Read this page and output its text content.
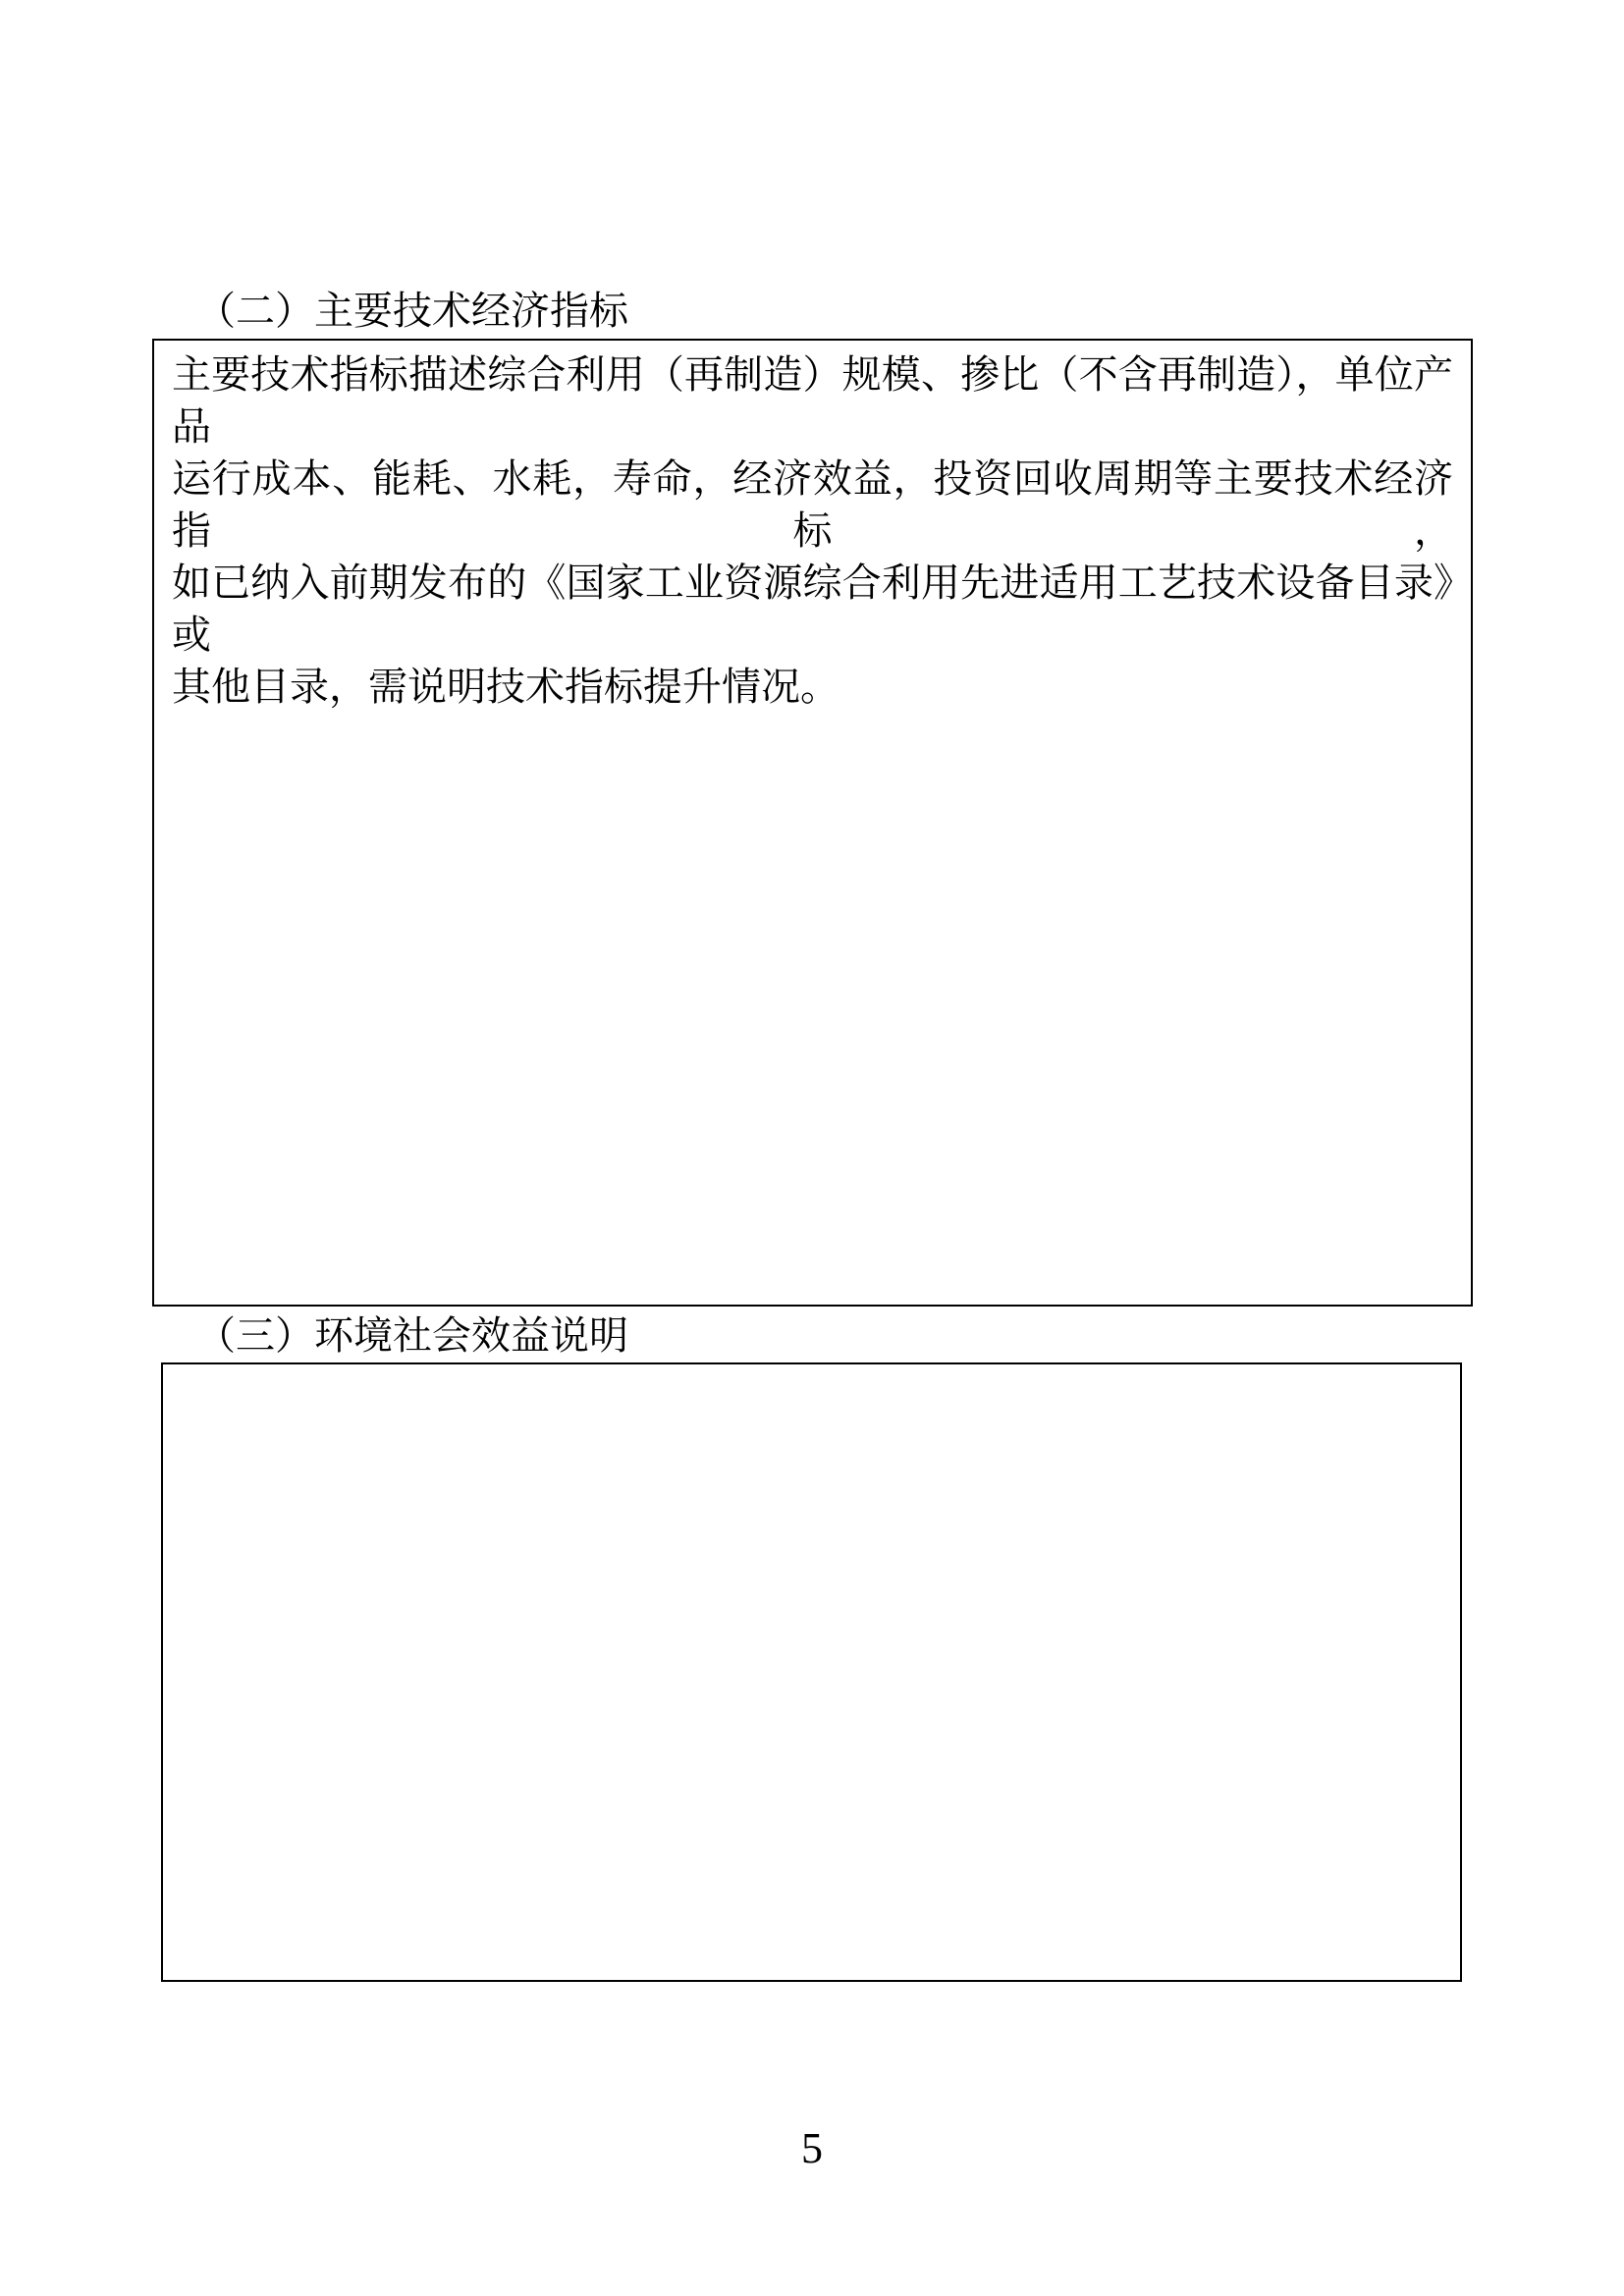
（二）主要技术经济指标
主要技术指标描述综合利用（再制造）规模、掺比（不含再制造），单位产品
运行成本、能耗、水耗，寿命，经济效益，投资回收周期等主要技术经济指标，
如已纳入前期发布的《国家工业资源综合利用先进适用工艺技术设备目录》或
其他目录，需说明技术指标提升情况。
（三）环境社会效益说明
5
